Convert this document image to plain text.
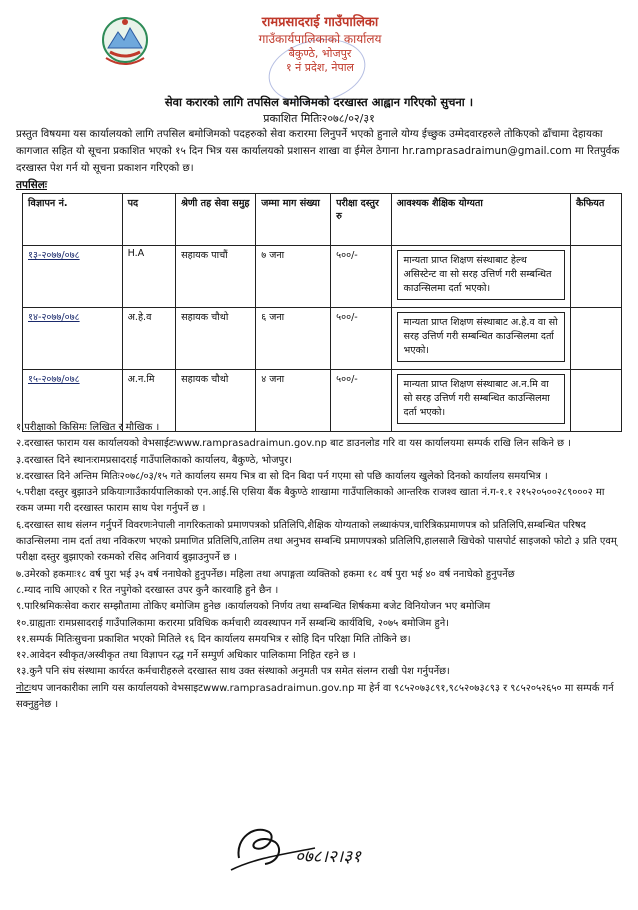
रामप्रसादराई गाउँपालिका
गाउँकार्यपालिकाको कार्यालय
बैकुण्ठे, भोजपुर
१ नं प्रदेश, नेपाल
सेवा करारको लागि तपसिल बमोजिमको दरखास्त आह्वान गरिएको सुचना ।
प्रकाशित मितिः२०७८/०२/३१
प्रस्तुत विषयमा यस कार्यालयको लागि तपसिल बमोजिमको पदहरुको सेवा करारमा लिनुपर्ने भएको हुनाले योग्य ईच्छुक उम्मेदवारहरुले तोकिएको ढाँचामा देहायका कागजात सहित यो सूचना प्रकाशित भएको १५ दिन भित्र यस कार्यालयको प्रशासन शाखा वा ईमेल ठेगाना hr.ramprasadraimun@gmail.com मा रितपुर्वक दरखास्त पेश गर्न यो सूचना प्रकाशन गरिएको छ।
तपसिलः
विज्ञापन नं.	पद	श्रेणी तह सेवा समुह	जम्मा माग संख्या	परीक्षा दस्तुर रु	आवश्यक शैक्षिक योग्यता	कैफियत
१३-२०७७/०७८	H.A	सहायक पाचौं	७ जना	५००/-	मान्यता प्राप्त शिक्षण संस्थाबाट हेल्थ असिस्टेन्ट वा सो सरह उत्तिर्ण गरी सम्बन्धित काउन्सिलमा दर्ता भएको।	

१४-२०७७/०७८	अ.हे.व	सहायक चौथो	६ जना	५००/-	मान्यता प्राप्त शिक्षण संस्थाबाट अ.हे.व वा सो सरह उत्तिर्ण गरी सम्बन्धित काउन्सिलमा दर्ता भएको।	

१५-२०७७/०७८	अ.न.मि	सहायक चौथो	४ जना	५००/-	मान्यता प्राप्त शिक्षण संस्थाबाट अ.न.मि वा सो सरह उत्तिर्ण गरी सम्बन्धित काउन्सिलमा दर्ता भएको।	

१.परीक्षाको किसिमः लिखित र मौखिक ।

२.दरखास्त फाराम यस कार्यालयको वेभसाईटःwww.ramprasadraimun.gov.np बाट डाउनलोड गरि वा यस कार्यालयमा सम्पर्क राखि लिन सकिने छ ।

३.दरखास्त दिने स्थानःरामप्रसादराई गाउँपालिकाको कार्यालय, बैकुण्ठे, भोजपुर।

४.दरखास्त दिने अन्तिम मितिः२०७८/०३/१५ गते कार्यालय समय भित्र वा सो दिन बिदा पर्न गएमा सो पछि कार्यालय खुलेको दिनको कार्यालय समयभित्र ।

५.परीक्षा दस्तुर बुझाउने प्रकियाःगाउँकार्यपालिकाको एन.आई.सि एसिया बैंक बैकुण्ठे शाखामा गाउँपालिकाको आन्तरिक राजश्व खाता नं.ग-१.१ २१५२०५००२८९०००२ मा रकम जम्मा गरी दरखास्त फाराम साथ पेश गर्नुपर्ने छ ।

६.दरखास्त साथ संलग्न गर्नुपर्ने विवरणःनेपाली नागरिकताको प्रमाणपत्रको प्रतिलिपि,शैक्षिक योग्यताको लब्धाकंपत्र,चारित्रिकप्रमाणपत्र को प्रतिलिपि,सम्बन्धित परिषद काउन्सिलमा नाम दर्ता तथा नविकरण भएको प्रमाणित प्रतिलिपि,तालिम तथा अनुभव सम्बन्धि प्रमाणपत्रको प्रतिलिपि,हालसालै खिचेको पासपोर्ट साइजको फोटो ३ प्रति एवम् परीक्षा दस्तुर बुझाएको रकमको रसिद अनिवार्य बुझाउनुपर्ने छ ।

७.उमेरको हकमाः१८ वर्ष पुरा भई ३५ वर्ष ननाघेको हुनुपर्नेछ। महिला तथा अपाङ्गता व्यक्तिको हकमा १८ वर्ष पुरा भई ४० वर्ष ननाघेको हुनुपर्नेछ

८.म्याद नाघि आएको र रित नपुगेको दरखास्त उपर कुनै कारवाहि हुने छैन ।

९.पारिश्रमिकःसेवा करार सम्झौतामा तोकिए बमोजिम हुनेछ ।कार्यालयको निर्णय तथा सम्बन्धित शिर्षकमा बजेट विनियोजन भए बमोजिम

१०.ग्राह्यताः रामप्रसादराई गाउँपालिकामा करारमा प्रविधिक कर्मचारी व्यवस्थापन गर्ने सम्बन्धि कार्यविधि, २०७५ बमोजिम हुने।

११.सम्पर्क मितिःसुचना प्रकाशित भएको मितिले १६ दिन कार्यालय समयभित्र र सोहि दिन परिक्षा मिति तोकिने छ।

१२.आवेदन स्वीकृत/अस्वीकृत तथा विज्ञापन रद्ध गर्ने सम्पुर्ण अधिकार पालिकामा निहित रहने छ ।

१३.कुनै पनि संघ संस्थामा कार्यरत कर्मचारीहरुले दरखास्त साथ उक्त संस्थाको अनुमती पत्र समेत संलग्न राखी पेश गर्नुपर्नेछ।

नोटःथप जानकारीका लागि यस कार्यालयको वेभसाइटwww.ramprasadraimun.gov.np मा हेर्न वा ९८५२०७३८९१,९८५२०७३८९३ र ९८५२०५२६५० मा सम्पर्क गर्न सक्नुहुनेछ ।

०७८।२।३१
